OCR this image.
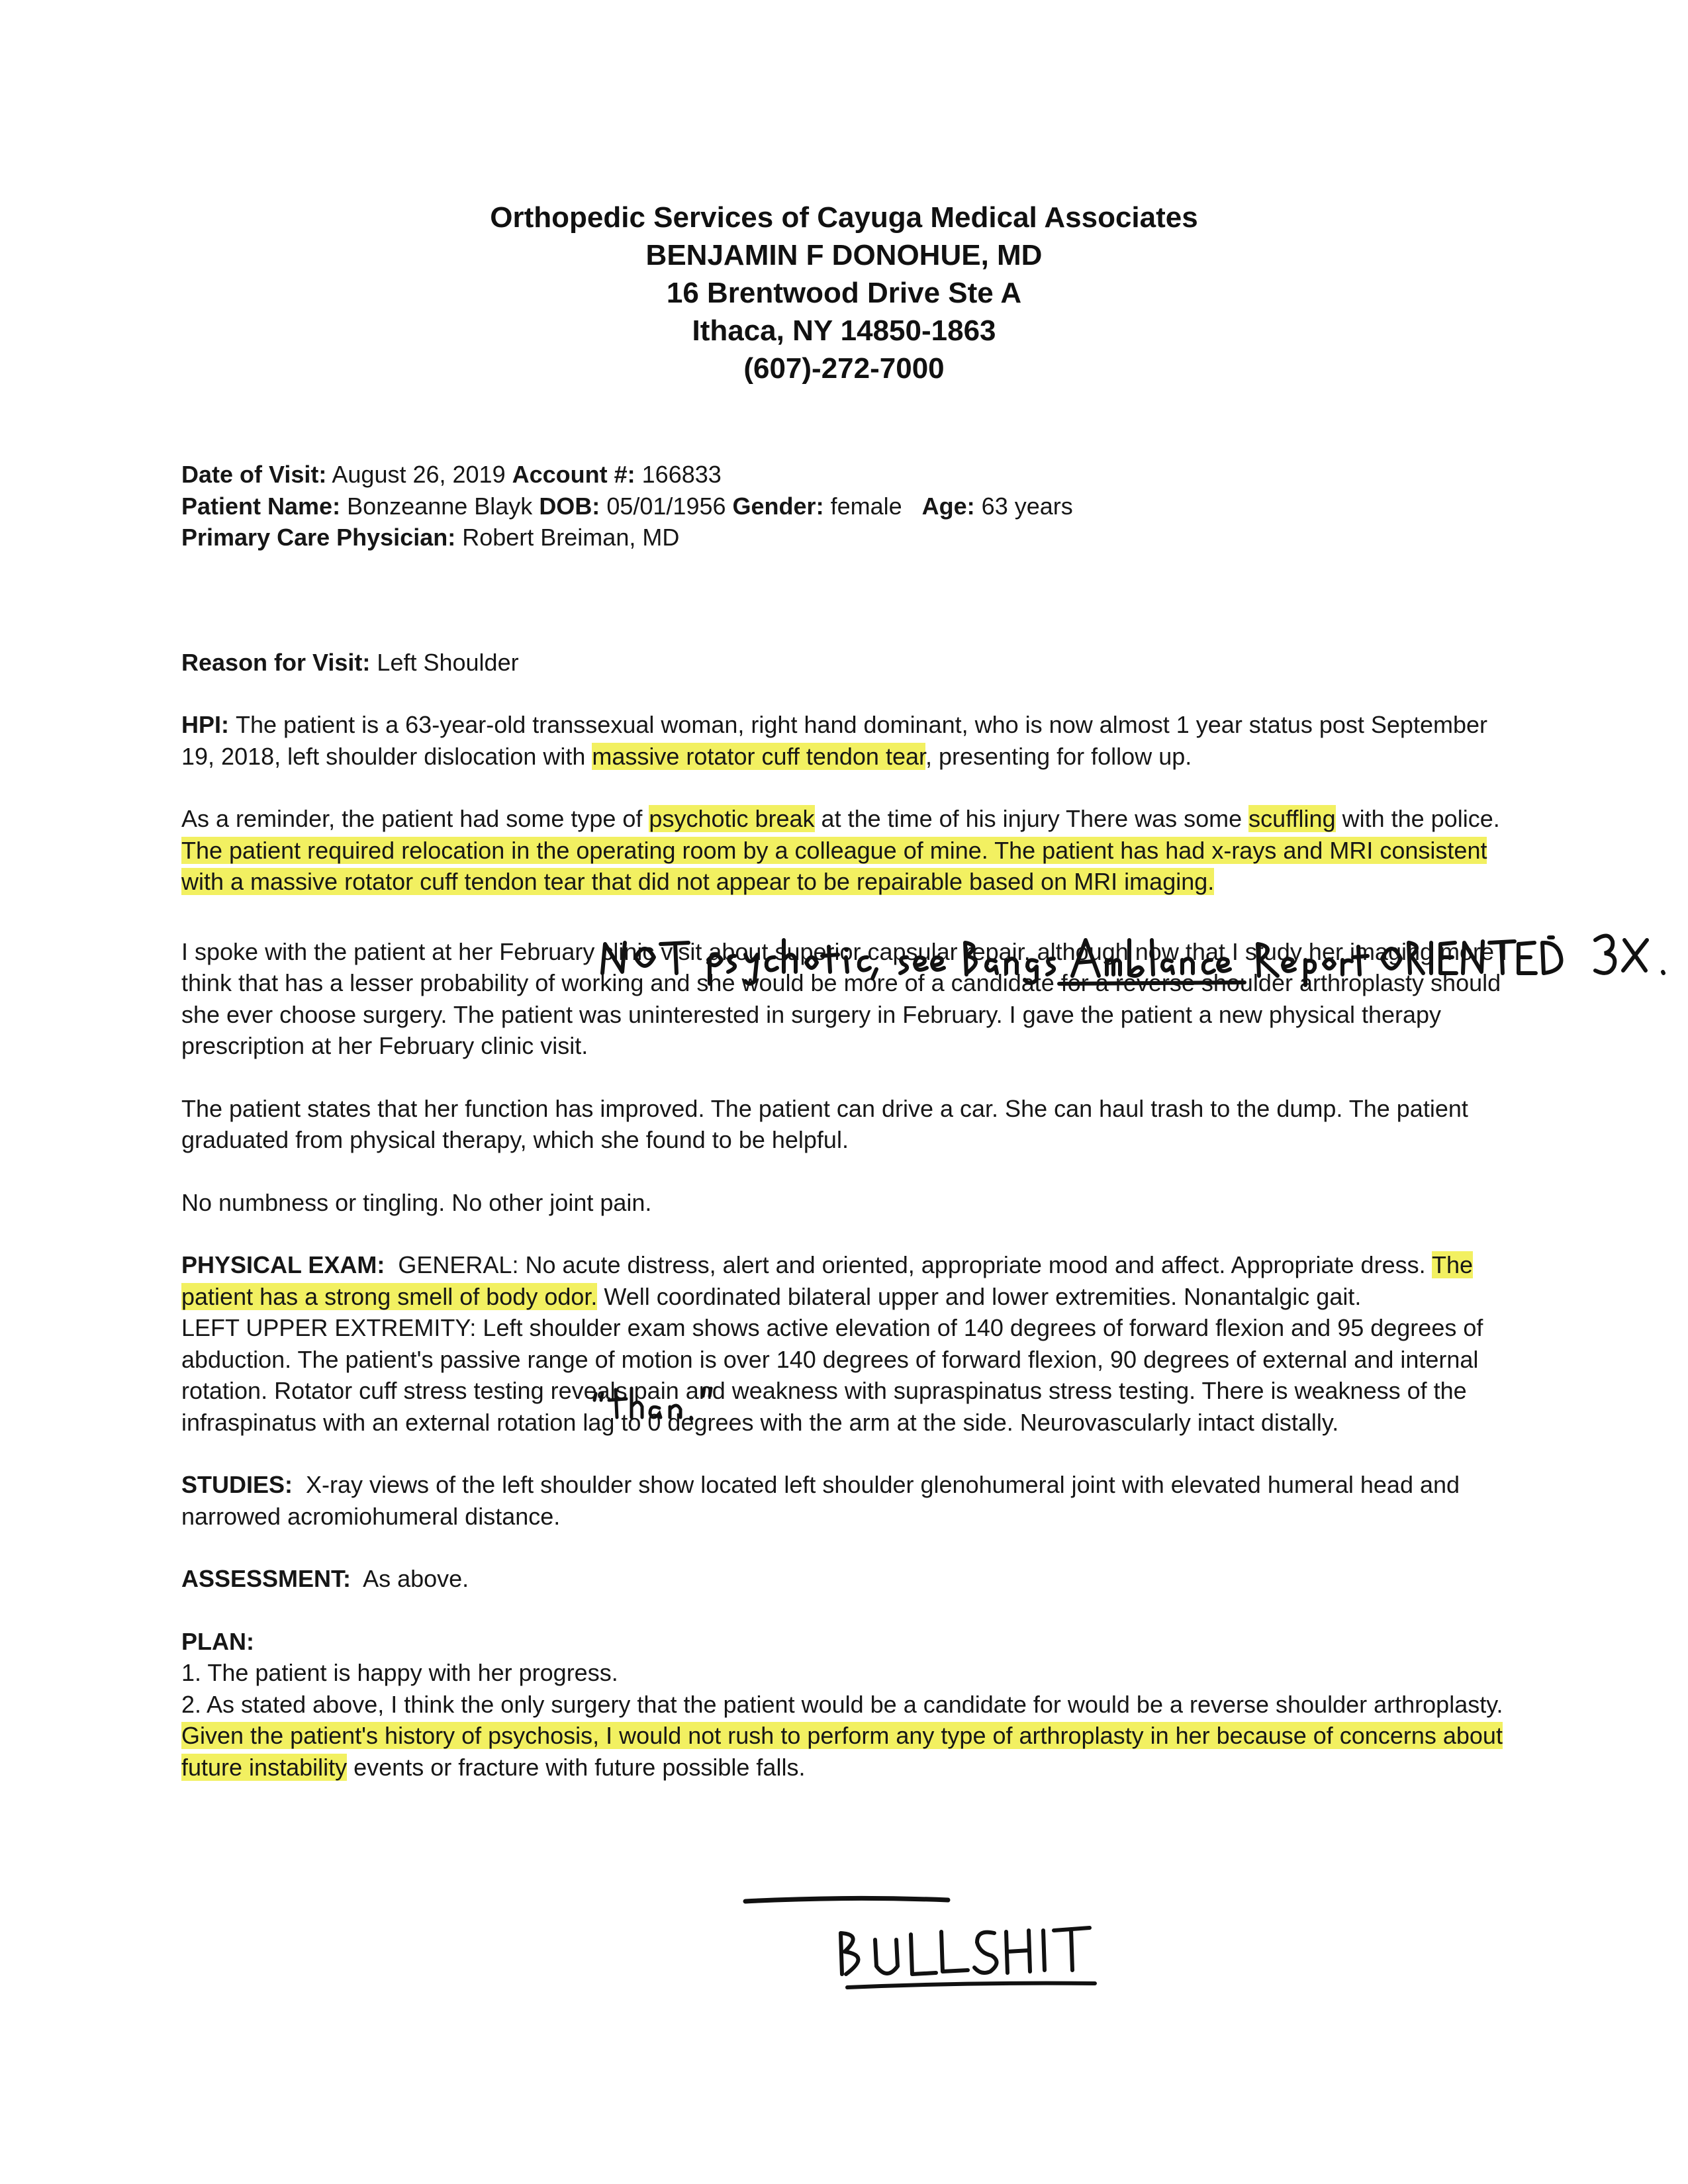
Orthopedic Services of Cayuga Medical Associates
BENJAMIN F DONOHUE, MD
16 Brentwood Drive Ste A
Ithaca, NY 14850-1863
(607)-272-7000
Date of Visit: August 26, 2019 Account #: 166833
Patient Name: Bonzeanne Blayk DOB: 05/01/1956 Gender: female Age: 63 years
Primary Care Physician: Robert Breiman, MD

Reason for Visit: Left Shoulder

HPI: The patient is a 63-year-old transsexual woman, right hand dominant, who is now almost 1 year status post September 19, 2018, left shoulder dislocation with massive rotator cuff tendon tear, presenting for follow up.

As a reminder, the patient had some type of psychotic break at the time of his injury There was some scuffling with the police. The patient required relocation in the operating room by a colleague of mine. The patient has had x-rays and MRI consistent with a massive rotator cuff tendon tear that did not appear to be repairable based on MRI imaging.

I spoke with the patient at her February clinic visit about superior capsular repair, although now that I study her imaging more I think that has a lesser probability of working and she would be more of a candidate for a reverse shoulder arthroplasty should she ever choose surgery. The patient was uninterested in surgery in February. I gave the patient a new physical therapy prescription at her February clinic visit.

The patient states that her function has improved. The patient can drive a car. She can haul trash to the dump. The patient graduated from physical therapy, which she found to be helpful.

No numbness or tingling. No other joint pain.

PHYSICAL EXAM: GENERAL: No acute distress, alert and oriented, appropriate mood and affect. Appropriate dress. The patient has a strong smell of body odor. Well coordinated bilateral upper and lower extremities. Nonantalgic gait.

LEFT UPPER EXTREMITY: Left shoulder exam shows active elevation of 140 degrees of forward flexion and 95 degrees of abduction. The patient's passive range of motion is over 140 degrees of forward flexion, 90 degrees of external and internal rotation. Rotator cuff stress testing reveals pain and weakness with supraspinatus stress testing. There is weakness of the infraspinatus with an external rotation lag to 0 degrees with the arm at the side. Neurovascularly intact distally.

STUDIES: X-ray views of the left shoulder show located left shoulder glenohumeral joint with elevated humeral head and narrowed acromiohumeral distance.

ASSESSMENT: As above.

PLAN:

1. The patient is happy with her progress.

2. As stated above, I think the only surgery that the patient would be a candidate for would be a reverse shoulder arthroplasty. Given the patient's history of psychosis, I would not rush to perform any type of arthroplasty in her because of concerns about future instability events or fracture with future possible falls.
